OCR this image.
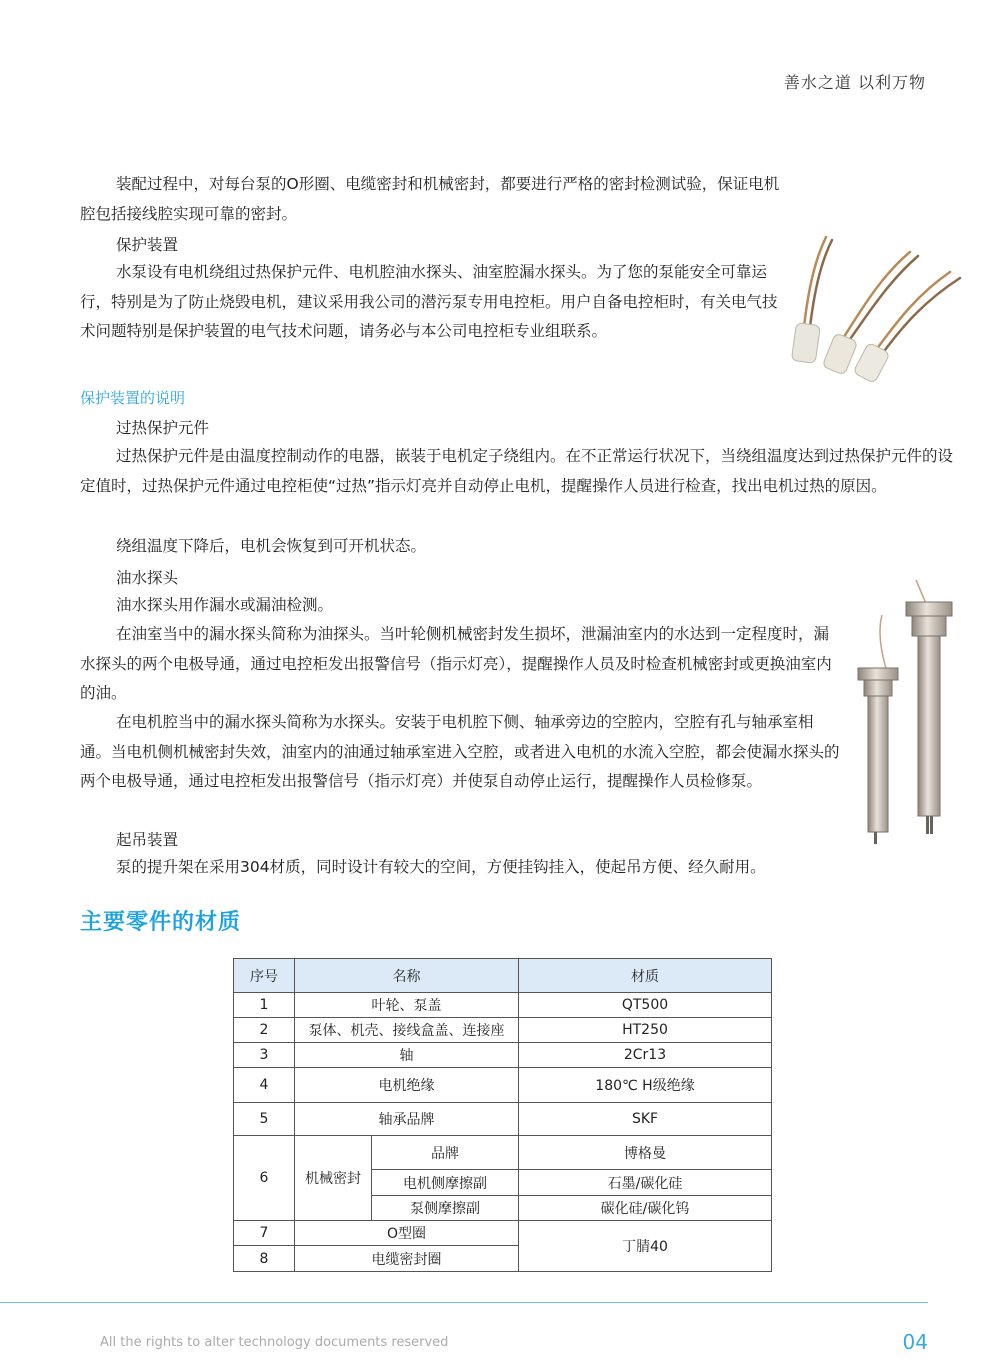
善水之道 以利万物

装配过程中，对每台泵的O形圈、电缆密封和机械密封，都要进行严格的密封检测试验，保证电机腔包括接线腔实现可靠的密封。

保护装置

水泵设有电机绕组过热保护元件、电机腔油水探头、油室腔漏水探头。为了您的泵能安全可靠运行，特别是为了防止烧毁电机，建议采用我公司的潜污泵专用电控柜。用户自备电控柜时，有关电气技术问题特别是保护装置的电气技术问题，请务必与本公司电控柜专业组联系。

保护装置的说明
过热保护元件

过热保护元件是由温度控制动作的电器，嵌装于电机定子绕组内。在不正常运行状况下，当绕组温度达到过热保护元件的设定值时，过热保护元件通过电控柜使“过热”指示灯亮并自动停止电机，提醒操作人员进行检查，找出电机过热的原因。

绕组温度下降后，电机会恢复到可开机状态。

油水探头

油水探头用作漏水或漏油检测。

在油室当中的漏水探头简称为油探头。当叶轮侧机械密封发生损坏，泄漏油室内的水达到一定程度时，漏水探头的两个电极导通，通过电控柜发出报警信号（指示灯亮），提醒操作人员及时检查机械密封或更换油室内的油。

在电机腔当中的漏水探头简称为水探头。安装于电机腔下侧、轴承旁边的空腔内，空腔有孔与轴承室相通。当电机侧机械密封失效，油室内的油通过轴承室进入空腔，或者进入电机的水流入空腔，都会使漏水探头的两个电极导通，通过电控柜发出报警信号（指示灯亮）并使泵自动停止运行，提醒操作人员检修泵。

起吊装置

泵的提升架在采用304材质，同时设计有较大的空间，方便挂钩挂入，使起吊方便、经久耐用。

主要零件的材质
序号	名称		材质
1	叶轮、泵盖		QT500
2	泵体、机壳、接线盒盖、连接座		HT250
3	轴		2Cr13
4	电机绝缘		180℃ H级绝缘
5	轴承品牌		SKF
6	机械密封	品牌	博格曼
		电机侧摩擦副	石墨/碳化硅
		泵侧摩擦副	碳化硅/碳化钨
7	O型圈		丁腈40
8	电缆密封圈		
All the rights to alter technology documents reserved	04
